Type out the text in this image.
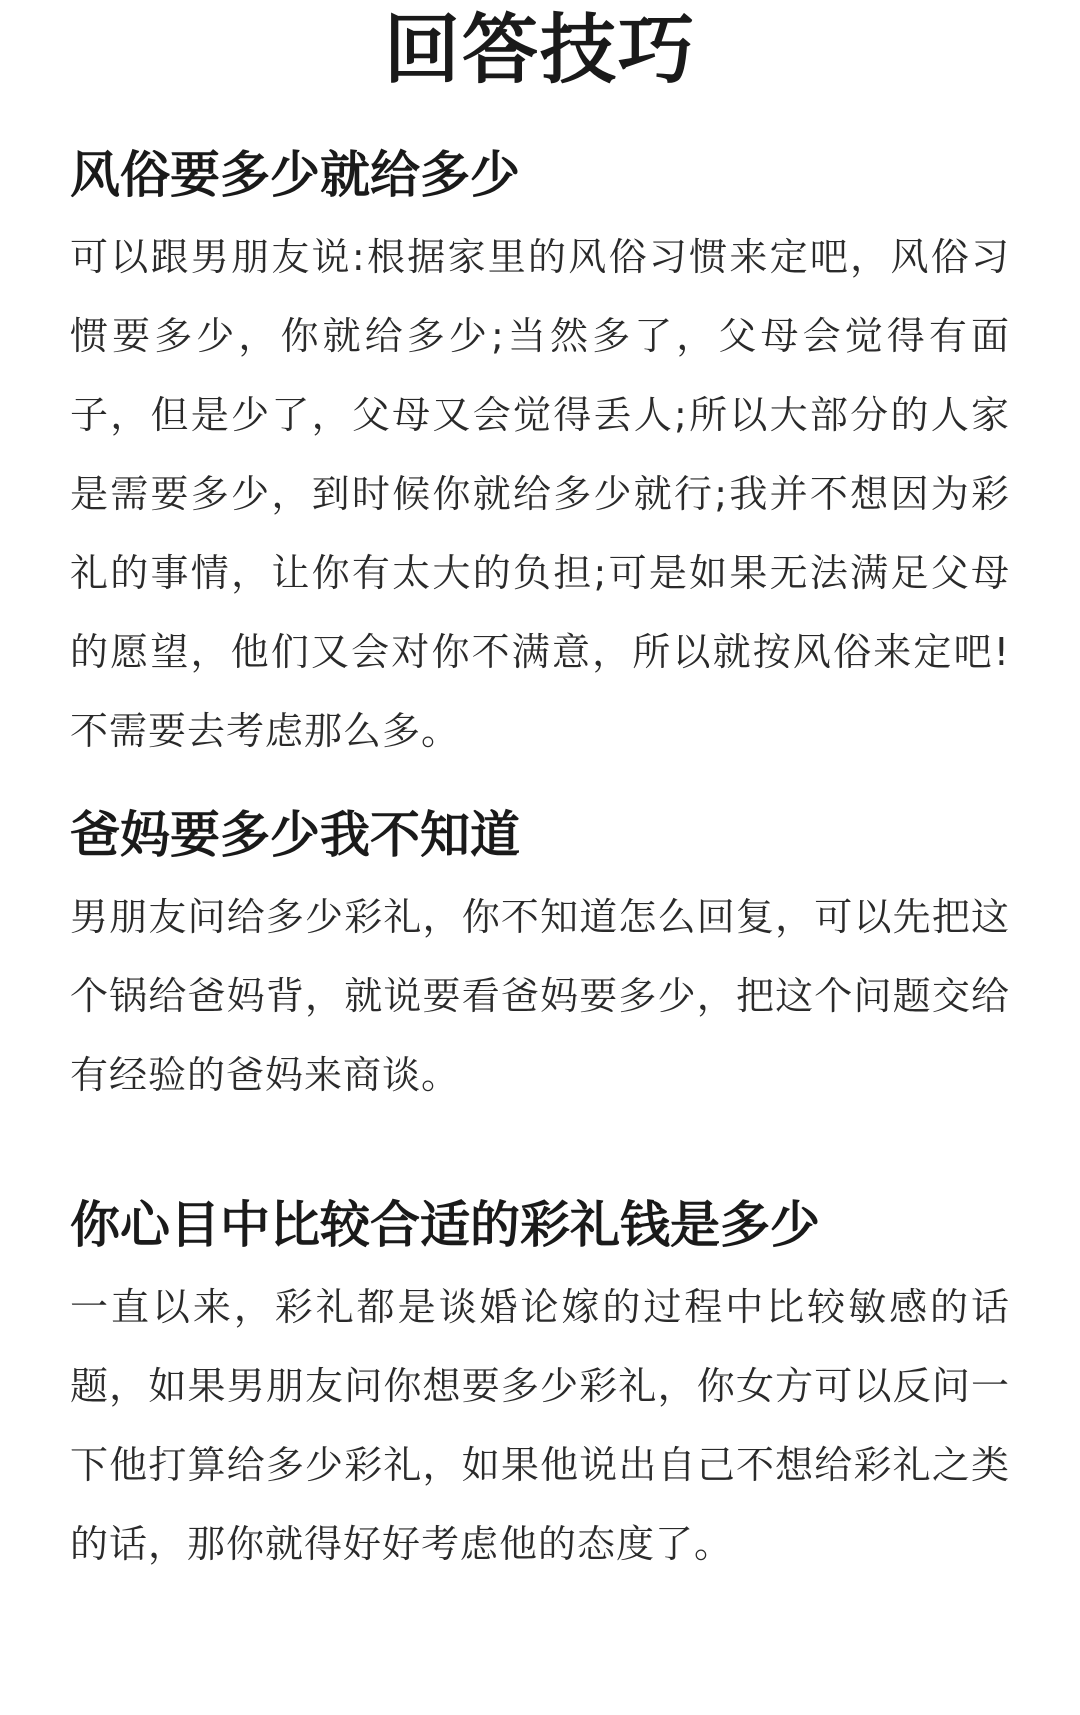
回答技巧
风俗要多少就给多少

可以跟男朋友说:根据家里的风俗习惯来定吧，风俗习惯要多少，你就给多少;当然多了，父母会觉得有面子，但是少了，父母又会觉得丢人;所以大部分的人家是需要多少，到时候你就给多少就行;我并不想因为彩礼的事情，让你有太大的负担;可是如果无法满足父母的愿望，他们又会对你不满意，所以就按风俗来定吧!不需要去考虑那么多。

爸妈要多少我不知道

男朋友问给多少彩礼，你不知道怎么回复，可以先把这个锅给爸妈背，就说要看爸妈要多少，把这个问题交给有经验的爸妈来商谈。

你心目中比较合适的彩礼钱是多少

一直以来，彩礼都是谈婚论嫁的过程中比较敏感的话题，如果男朋友问你想要多少彩礼，你女方可以反问一下他打算给多少彩礼，如果他说出自己不想给彩礼之类的话，那你就得好好考虑他的态度了。
